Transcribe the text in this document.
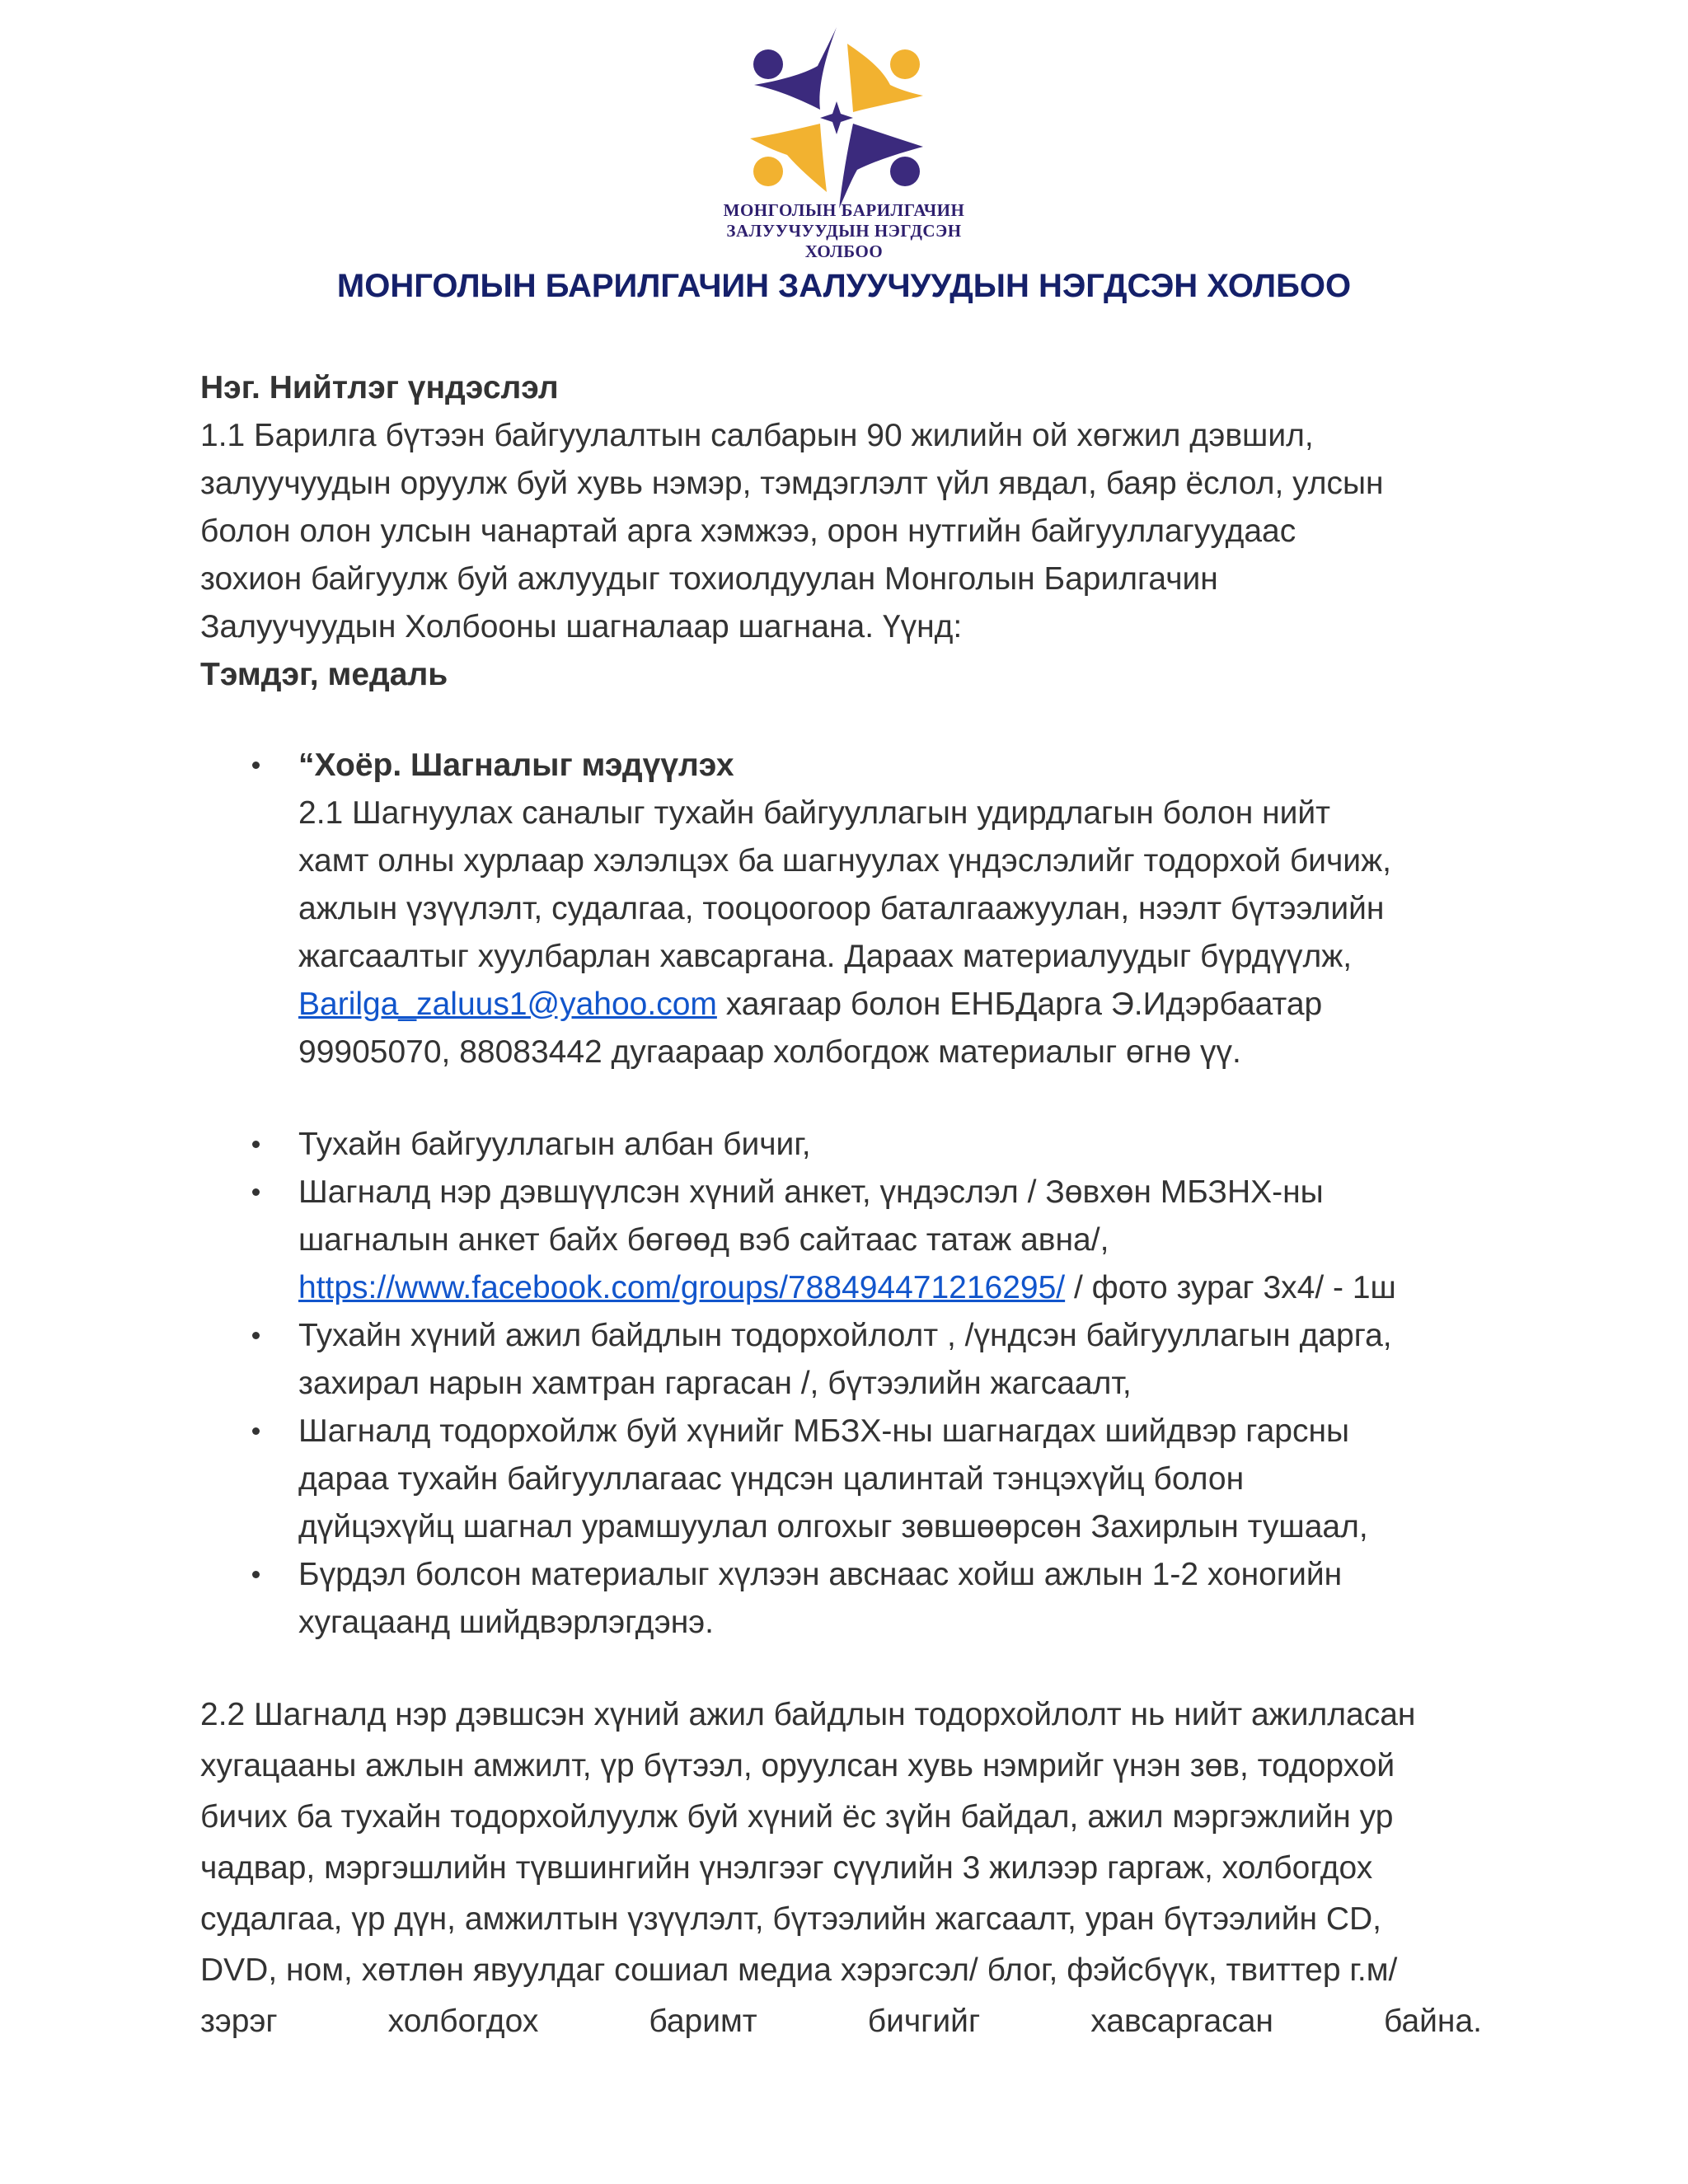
МОНГОЛЫН БАРИЛГАЧИН
ЗАЛУУЧУУДЫН НЭГДСЭН
ХОЛБОО
МОНГОЛЫН БАРИЛГАЧИН ЗАЛУУЧУУДЫН НЭГДСЭН ХОЛБОО

Нэг. Нийтлэг үндэслэл

1.1 Барилга бүтээн байгуулалтын салбарын 90 жилийн ой хөгжил дэвшил,

залуучуудын оруулж буй хувь нэмэр, тэмдэглэлт үйл явдал, баяр ёслол, улсын

болон олон улсын чанартай арга хэмжээ, орон нутгийн байгууллагуудаас

зохион байгуулж буй ажлуудыг тохиолдуулан Монголын Барилгачин

Залуучуудын Холбооны шагналаар шагнана. Үүнд:

Тэмдэг, медаль

“Хоёр. Шагналыг мэдүүлэх

2.1 Шагнуулах саналыг тухайн байгууллагын удирдлагын болон нийт

хамт олны хурлаар хэлэлцэх ба шагнуулах үндэслэлийг тодорхой бичиж,

ажлын үзүүлэлт, судалгаа, тооцоогоор баталгаажуулан, нээлт бүтээлийн

жагсаалтыг хуулбарлан хавсаргана. Дараах материалуудыг бүрдүүлж,

Barilga_zaluus1@yahoo.com хаягаар болон ЕНБДарга Э.Идэрбаатар

99905070, 88083442 дугаараар холбогдож материалыг өгнө үү.

Тухайн байгууллагын албан бичиг,

Шагналд нэр дэвшүүлсэн хүний анкет, үндэслэл / Зөвхөн МБЗНХ-ны

шагналын анкет байх бөгөөд вэб сайтаас татаж авна/,

https://www.facebook.com/groups/788494471216295/ / фото зураг 3х4/ - 1ш

Тухайн хүний ажил байдлын тодорхойлолт , /үндсэн байгууллагын дарга,

захирал нарын хамтран гаргасан /, бүтээлийн жагсаалт,

Шагналд тодорхойлж буй хүнийг МБЗХ-ны шагнагдах шийдвэр гарсны

дараа тухайн байгууллагаас үндсэн цалинтай тэнцэхүйц болон

дүйцэхүйц шагнал урамшуулал олгохыг зөвшөөрсөн Захирлын тушаал,

Бүрдэл болсон материалыг хүлээн авснаас хойш ажлын 1-2 хоногийн

хугацаанд шийдвэрлэгдэнэ.

2.2 Шагналд нэр дэвшсэн хүний ажил байдлын тодорхойлолт нь нийт ажилласан

хугацааны ажлын амжилт, үр бүтээл, оруулсан хувь нэмрийг үнэн зөв, тодорхой

бичих ба тухайн тодорхойлуулж буй хүний ёс зүйн байдал, ажил мэргэжлийн ур

чадвар, мэргэшлийн түвшингийн үнэлгээг сүүлийн 3 жилээр гаргаж, холбогдох

судалгаа, үр дүн, амжилтын үзүүлэлт, бүтээлийн жагсаалт, уран бүтээлийн CD,

DVD, ном, хөтлөн явуулдаг сошиал медиа хэрэгсэл/ блог, фэйсбүүк, твиттер г.м/

зэрэг холбогдох баримт бичгийг хавсаргасан байна.
